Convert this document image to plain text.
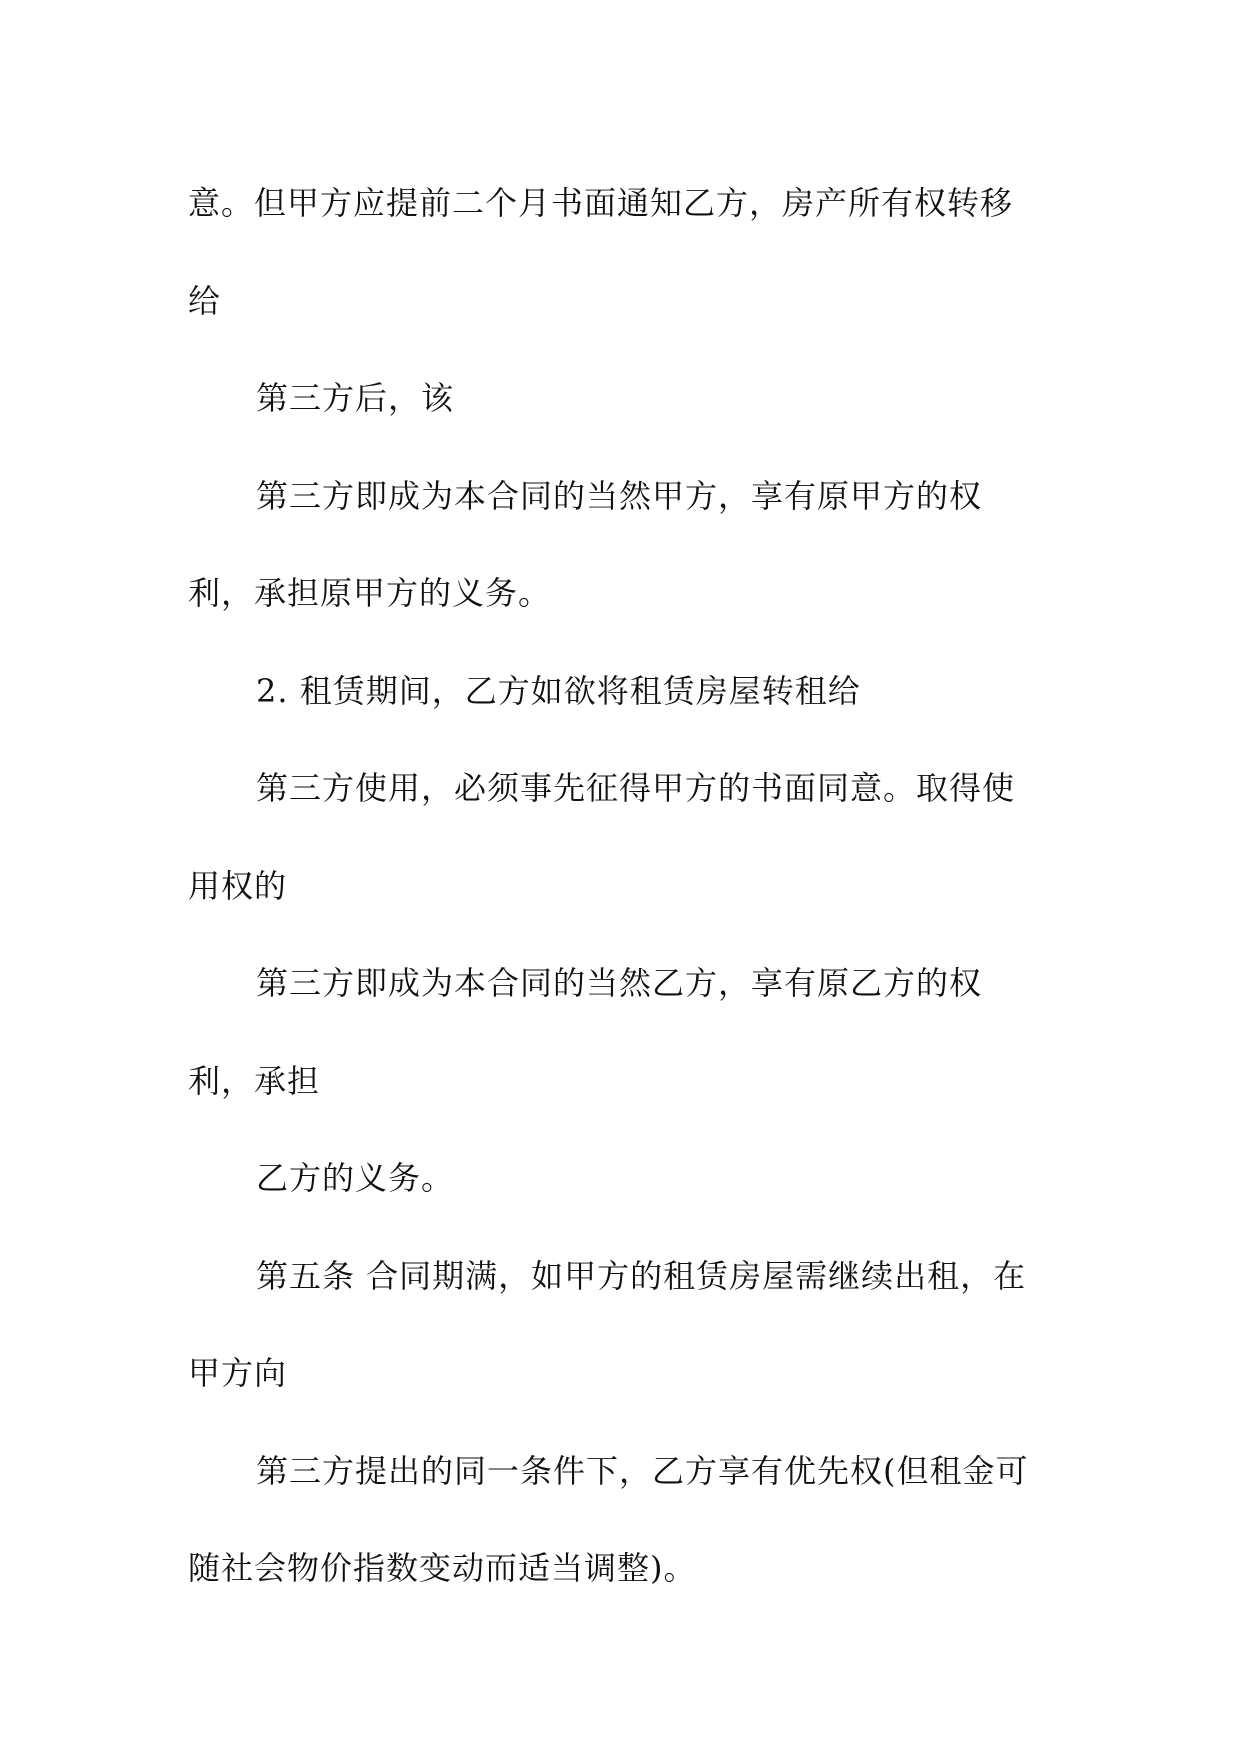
意。但甲方应提前二个月书面通知乙方，房产所有权转移

给

第三方后，该

第三方即成为本合同的当然甲方，享有原甲方的权

利，承担原甲方的义务。

2. 租赁期间，乙方如欲将租赁房屋转租给

第三方使用，必须事先征得甲方的书面同意。取得使

用权的

第三方即成为本合同的当然乙方，享有原乙方的权

利，承担

乙方的义务。

第五条 合同期满，如甲方的租赁房屋需继续出租，在

甲方向

第三方提出的同一条件下，乙方享有优先权(但租金可

随社会物价指数变动而适当调整)。
